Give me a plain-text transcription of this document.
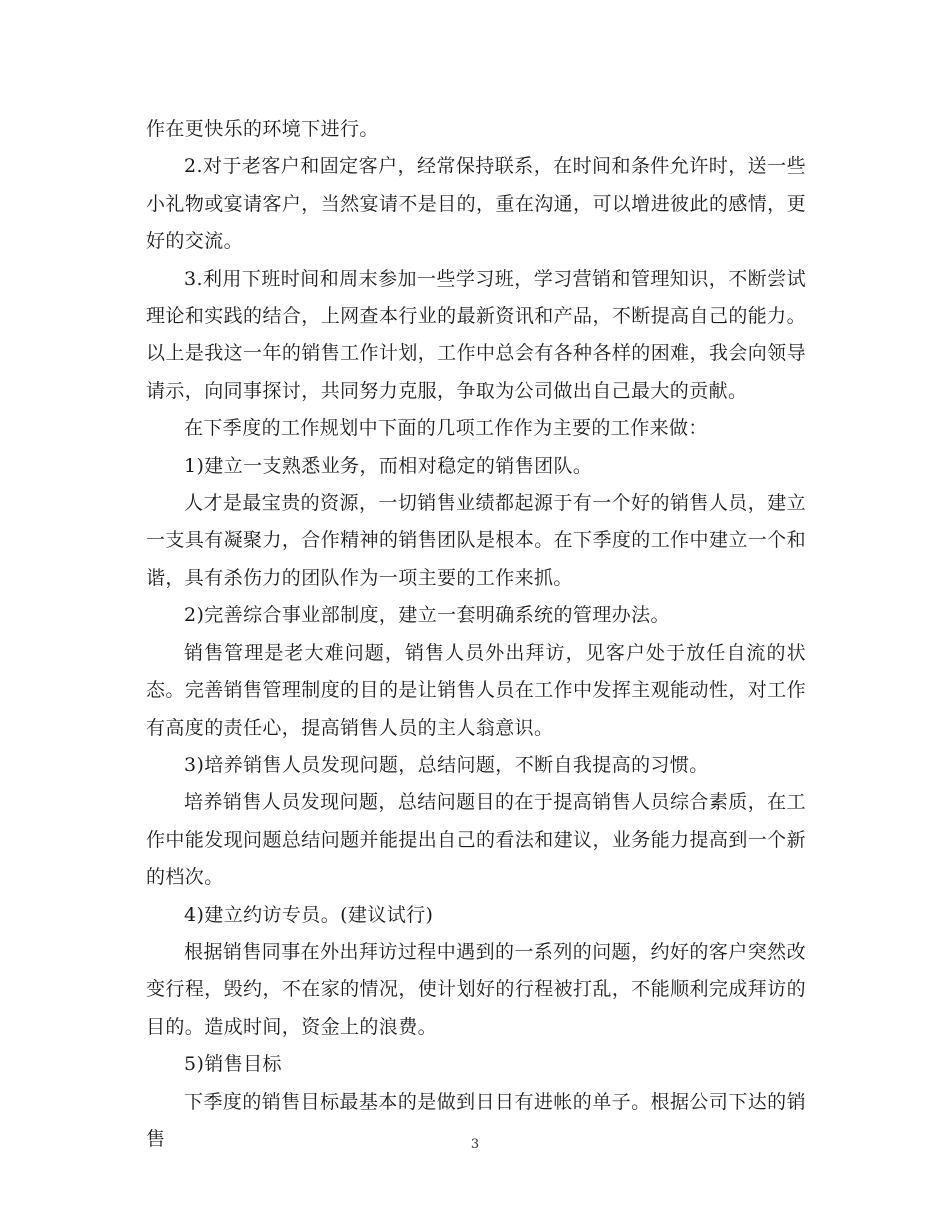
作在更快乐的环境下进行。

2.对于老客户和固定客户，经常保持联系，在时间和条件允许时，送一些小礼物或宴请客户，当然宴请不是目的，重在沟通，可以增进彼此的感情，更好的交流。

3.利用下班时间和周末参加一些学习班，学习营销和管理知识，不断尝试理论和实践的结合，上网查本行业的最新资讯和产品，不断提高自己的能力。以上是我这一年的销售工作计划，工作中总会有各种各样的困难，我会向领导请示，向同事探讨，共同努力克服，争取为公司做出自己最大的贡献。

在下季度的工作规划中下面的几项工作作为主要的工作来做：

1)建立一支熟悉业务，而相对稳定的销售团队。

人才是最宝贵的资源，一切销售业绩都起源于有一个好的销售人员，建立一支具有凝聚力，合作精神的销售团队是根本。在下季度的工作中建立一个和谐，具有杀伤力的团队作为一项主要的工作来抓。

2)完善综合事业部制度，建立一套明确系统的管理办法。

销售管理是老大难问题，销售人员外出拜访，见客户处于放任自流的状态。完善销售管理制度的目的是让销售人员在工作中发挥主观能动性，对工作有高度的责任心，提高销售人员的主人翁意识。

3)培养销售人员发现问题，总结问题，不断自我提高的习惯。

培养销售人员发现问题，总结问题目的在于提高销售人员综合素质，在工作中能发现问题总结问题并能提出自己的看法和建议，业务能力提高到一个新的档次。

4)建立约访专员。(建议试行)

根据销售同事在外出拜访过程中遇到的一系列的问题，约好的客户突然改变行程，毁约，不在家的情况，使计划好的行程被打乱，不能顺利完成拜访的目的。造成时间，资金上的浪费。

5)销售目标

下季度的销售目标最基本的是做到日日有进帐的单子。根据公司下达的销售	3
